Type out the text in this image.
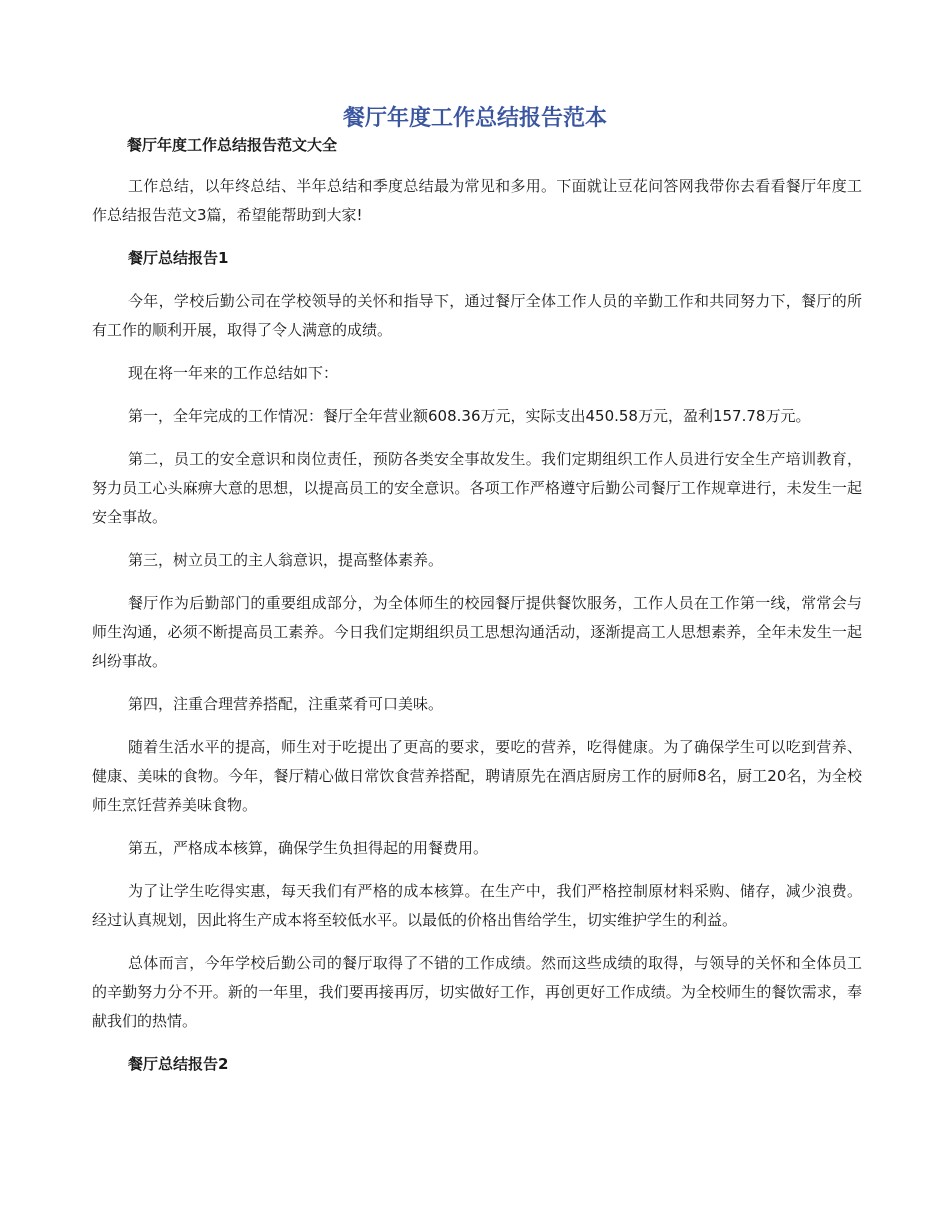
餐厅年度工作总结报告范本
餐厅年度工作总结报告范文大全

工作总结，以年终总结、半年总结和季度总结最为常见和多用。下面就让豆花问答网我带你去看看餐厅年度工作总结报告范文3篇，希望能帮助到大家!

餐厅总结报告1

今年，学校后勤公司在学校领导的关怀和指导下，通过餐厅全体工作人员的辛勤工作和共同努力下，餐厅的所有工作的顺利开展，取得了令人满意的成绩。

现在将一年来的工作总结如下：

第一，全年完成的工作情况：餐厅全年营业额608.36万元，实际支出450.58万元，盈利157.78万元。

第二，员工的安全意识和岗位责任，预防各类安全事故发生。我们定期组织工作人员进行安全生产培训教育，努力员工心头麻痹大意的思想，以提高员工的安全意识。各项工作严格遵守后勤公司餐厅工作规章进行，未发生一起安全事故。

第三，树立员工的主人翁意识，提高整体素养。

餐厅作为后勤部门的重要组成部分，为全体师生的校园餐厅提供餐饮服务，工作人员在工作第一线，常常会与师生沟通，必须不断提高员工素养。今日我们定期组织员工思想沟通活动，逐渐提高工人思想素养，全年未发生一起纠纷事故。

第四，注重合理营养搭配，注重菜肴可口美味。

随着生活水平的提高，师生对于吃提出了更高的要求，要吃的营养，吃得健康。为了确保学生可以吃到营养、健康、美味的食物。今年，餐厅精心做日常饮食营养搭配，聘请原先在酒店厨房工作的厨师8名，厨工20名，为全校师生烹饪营养美味食物。

第五，严格成本核算，确保学生负担得起的用餐费用。

为了让学生吃得实惠，每天我们有严格的成本核算。在生产中，我们严格控制原材料采购、储存，减少浪费。经过认真规划，因此将生产成本将至较低水平。以最低的价格出售给学生，切实维护学生的利益。

总体而言，今年学校后勤公司的餐厅取得了不错的工作成绩。然而这些成绩的取得，与领导的关怀和全体员工的辛勤努力分不开。新的一年里，我们要再接再厉，切实做好工作，再创更好工作成绩。为全校师生的餐饮需求，奉献我们的热情。

餐厅总结报告2
